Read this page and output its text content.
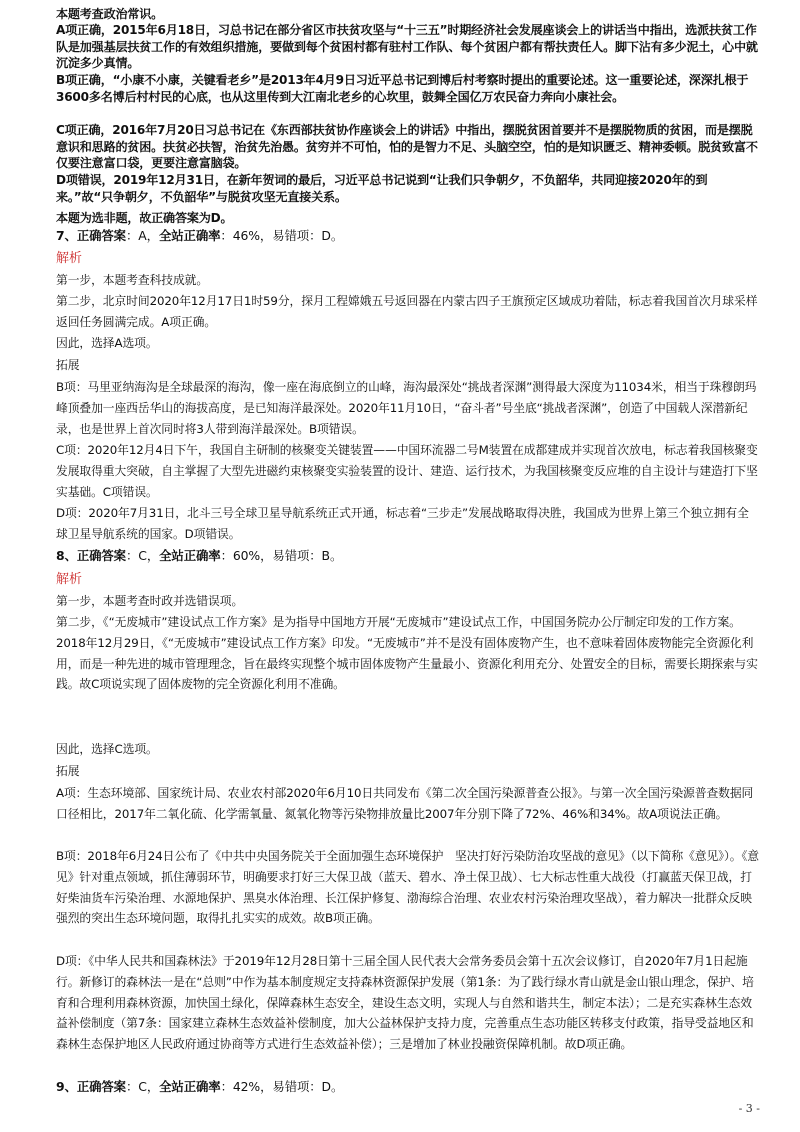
本题考查政治常识。

A项正确，2015年6月18日，习总书记在部分省区市扶贫攻坚与“十三五”时期经济社会发展座谈会上的讲话当中指出，选派扶贫工作队是加强基层扶贫工作的有效组织措施，要做到每个贫困村都有驻村工作队、每个贫困户都有帮扶责任人。脚下沾有多少泥土，心中就沉淀多少真情。

B项正确，“小康不小康，关键看老乡”是2013年4月9日习近平总书记到博后村考察时提出的重要论述。这一重要论述，深深扎根于3600多名博后村村民的心底，也从这里传到大江南北老乡的心坎里，鼓舞全国亿万农民奋力奔向小康社会。

C项正确，2016年7月20日习总书记在《东西部扶贫协作座谈会上的讲话》中指出，摆脱贫困首要并不是摆脱物质的贫困，而是摆脱意识和思路的贫困。扶贫必扶智，治贫先治愚。贫穷并不可怕，怕的是智力不足、头脑空空，怕的是知识匮乏、精神委顿。脱贫致富不仅要注意富口袋，更要注意富脑袋。

D项错误，2019年12月31日，在新年贺词的最后，习近平总书记说到“让我们只争朝夕，不负韶华，共同迎接2020年的到来。”故“只争朝夕，不负韶华”与脱贫攻坚无直接关系。

本题为选非题，故正确答案为D。

7、正确答案：A，全站正确率：46%，易错项：D。

解析

第一步，本题考查科技成就。

第二步，北京时间2020年12月17日1时59分，探月工程嫦娥五号返回器在内蒙古四子王旗预定区域成功着陆，标志着我国首次月球采样返回任务圆满完成。A项正确。

因此，选择A选项。

拓展

B项：马里亚纳海沟是全球最深的海沟，像一座在海底倒立的山峰，海沟最深处“挑战者深渊”测得最大深度为11034米，相当于珠穆朗玛峰顶叠加一座西岳华山的海拔高度，是已知海洋最深处。2020年11月10日，“奋斗者”号坐底“挑战者深渊”，创造了中国载人深潜新纪录，也是世界上首次同时将3人带到海洋最深处。B项错误。

C项：2020年12月4日下午，我国自主研制的核聚变关键装置——中国环流器二号M装置在成都建成并实现首次放电，标志着我国核聚变发展取得重大突破，自主掌握了大型先进磁约束核聚变实验装置的设计、建造、运行技术，为我国核聚变反应堆的自主设计与建造打下坚实基础。C项错误。

D项：2020年7月31日，北斗三号全球卫星导航系统正式开通，标志着“三步走”发展战略取得决胜，我国成为世界上第三个独立拥有全球卫星导航系统的国家。D项错误。

8、正确答案：C，全站正确率：60%，易错项：B。

解析

第一步，本题考查时政并选错误项。

第二步，《“无废城市”建设试点工作方案》是为指导中国地方开展“无废城市”建设试点工作，中国国务院办公厅制定印发的工作方案。2018年12月29日，《“无废城市”建设试点工作方案》印发。“无废城市”并不是没有固体废物产生，也不意味着固体废物能完全资源化利用，而是一种先进的城市管理理念，旨在最终实现整个城市固体废物产生量最小、资源化利用充分、处置安全的目标，需要长期探索与实践。故C项说实现了固体废物的完全资源化利用不准确。

因此，选择C选项。

拓展

A项：生态环境部、国家统计局、农业农村部2020年6月10日共同发布《第二次全国污染源普查公报》。与第一次全国污染源普查数据同口径相比，2017年二氧化硫、化学需氧量、氮氧化物等污染物排放量比2007年分别下降了72%、46%和34%。故A项说法正确。

B项：2018年6月24日公布了《中共中央国务院关于全面加强生态环境保护　坚决打好污染防治攻坚战的意见》（以下简称《意见》）。《意见》针对重点领域，抓住薄弱环节，明确要求打好三大保卫战（蓝天、碧水、净土保卫战）、七大标志性重大战役（打赢蓝天保卫战，打好柴油货车污染治理、水源地保护、黑臭水体治理、长江保护修复、渤海综合治理、农业农村污染治理攻坚战），着力解决一批群众反映强烈的突出生态环境问题，取得扎扎实实的成效。故B项正确。

D项：《中华人民共和国森林法》于2019年12月28日第十三届全国人民代表大会常务委员会第十五次会议修订，自2020年7月1日起施行。新修订的森林法一是在“总则”中作为基本制度规定支持森林资源保护发展（第1条：为了践行绿水青山就是金山银山理念，保护、培育和合理利用森林资源，加快国土绿化，保障森林生态安全，建设生态文明，实现人与自然和谐共生，制定本法）；二是充实森林生态效益补偿制度（第7条：国家建立森林生态效益补偿制度，加大公益林保护支持力度，完善重点生态功能区转移支付政策，指导受益地区和森林生态保护地区人民政府通过协商等方式进行生态效益补偿）；三是增加了林业投融资保障机制。故D项正确。

9、正确答案：C，全站正确率：42%，易错项：D。

- 3 -
